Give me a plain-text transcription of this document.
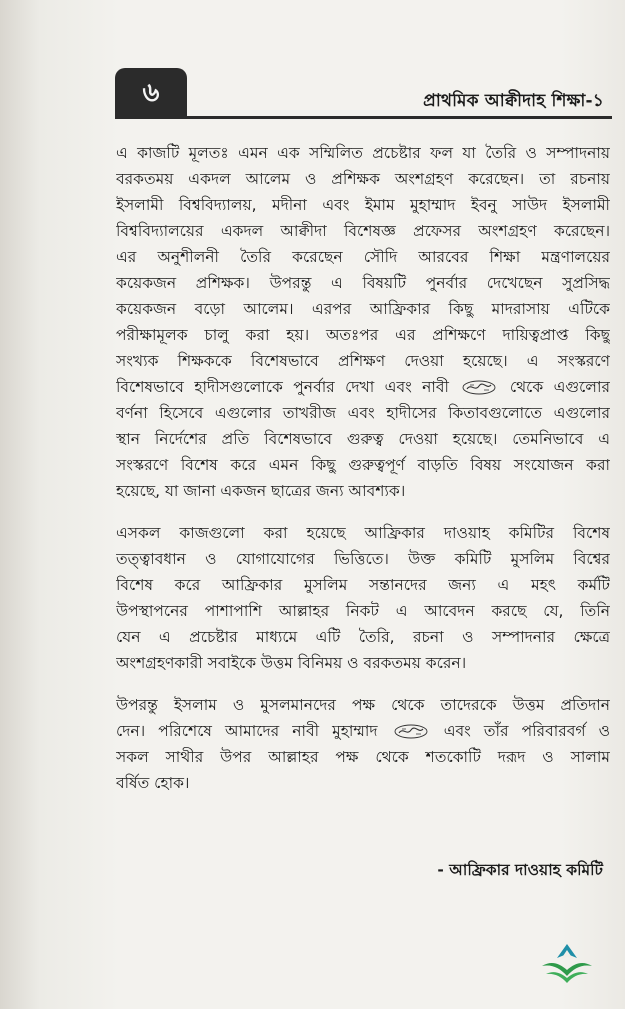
৬	প্রাথমিক আক্বীদাহ শিক্ষা-১
এ কাজটি মূলতঃ এমন এক সম্মিলিত প্রচেষ্টার ফল যা তৈরি ও সম্পাদনায়
বরকতময় একদল আলেম ও প্রশিক্ষক অংশগ্রহণ করেছেন। তা রচনায়
ইসলামী বিশ্ববিদ্যালয়, মদীনা এবং ইমাম মুহাম্মাদ ইবনু সাউদ ইসলামী
বিশ্ববিদ্যালয়ের একদল আক্বীদা বিশেষজ্ঞ প্রফেসর অংশগ্রহণ করেছেন।
এর অনুশীলনী তৈরি করেছেন সৌদি আরবের শিক্ষা মন্ত্রণালয়ের
কয়েকজন প্রশিক্ষক। উপরন্তু এ বিষয়টি পুনর্বার দেখেছেন সুপ্রসিদ্ধ
কয়েকজন বড়ো আলেম। এরপর আফ্রিকার কিছু মাদরাসায় এটিকে
পরীক্ষামূলক চালু করা হয়। অতঃপর এর প্রশিক্ষণে দায়িত্বপ্রাপ্ত কিছু
সংখ্যক শিক্ষককে বিশেষভাবে প্রশিক্ষণ দেওয়া হয়েছে। এ সংস্করণে
বিশেষভাবে হাদীসগুলোকে পুনর্বার দেখা এবং নাবী	থেকে এগুলোর
বর্ণনা হিসেবে এগুলোর তাখরীজ এবং হাদীসের কিতাবগুলোতে এগুলোর
স্থান নির্দেশের প্রতি বিশেষভাবে গুরুত্ব দেওয়া হয়েছে। তেমনিভাবে এ
সংস্করণে বিশেষ করে এমন কিছু গুরুত্বপূর্ণ বাড়তি বিষয় সংযোজন করা
হয়েছে, যা জানা একজন ছাত্রের জন্য আবশ্যক।
এসকল কাজগুলো করা হয়েছে আফ্রিকার দাওয়াহ কমিটির বিশেষ
তত্ত্বাবধান ও যোগাযোগের ভিত্তিতে। উক্ত কমিটি মুসলিম বিশ্বের
বিশেষ করে আফ্রিকার মুসলিম সন্তানদের জন্য এ মহৎ কর্মটি
উপস্থাপনের পাশাপাশি আল্লাহর নিকট এ আবেদন করছে যে, তিনি
যেন এ প্রচেষ্টার মাধ্যমে এটি তৈরি, রচনা ও সম্পাদনার ক্ষেত্রে
অংশগ্রহণকারী সবাইকে উত্তম বিনিময় ও বরকতময় করেন।
উপরন্তু ইসলাম ও মুসলমানদের পক্ষ থেকে তাদেরকে উত্তম প্রতিদান
দেন। পরিশেষে আমাদের নাবী মুহাম্মাদ	এবং তাঁর পরিবারবর্গ ও
সকল সাথীর উপর আল্লাহর পক্ষ থেকে শতকোটি দরূদ ও সালাম
বর্ষিত হোক।
- আফ্রিকার দাওয়াহ কমিটি
